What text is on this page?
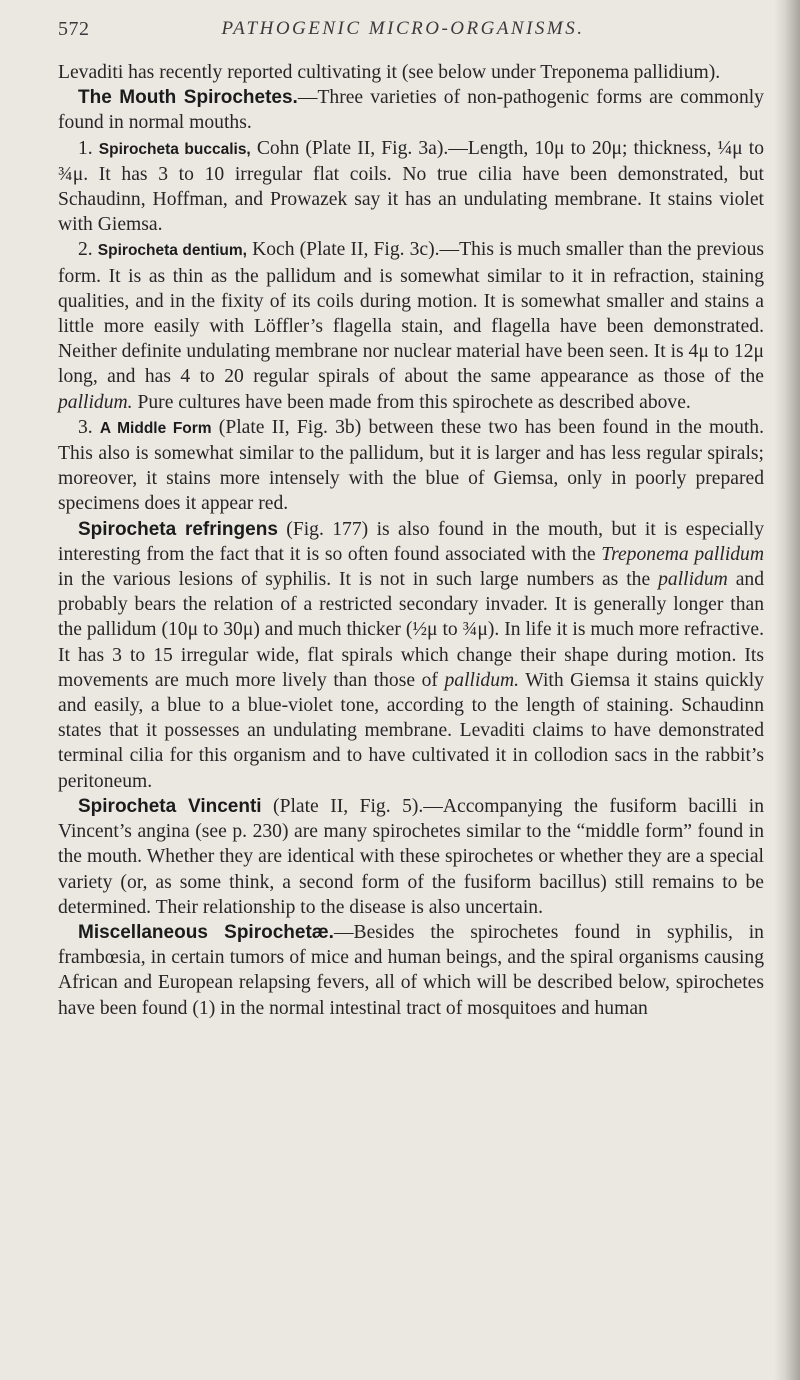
572	PATHOGENIC MICRO-ORGANISMS.

Levaditi has recently reported cultivating it (see below under Treponema pallidium).

The Mouth Spirochetes.—Three varieties of non-pathogenic forms are commonly found in normal mouths.

1. Spirocheta buccalis, Cohn (Plate II, Fig. 3a).—Length, 10μ to 20μ; thickness, ¼μ to ¾μ. It has 3 to 10 irregular flat coils. No true cilia have been demonstrated, but Schaudinn, Hoffman, and Prowazek say it has an undulating membrane. It stains violet with Giemsa.

2. Spirocheta dentium, Koch (Plate II, Fig. 3c).—This is much smaller than the previous form. It is as thin as the pallidum and is somewhat similar to it in refraction, staining qualities, and in the fixity of its coils during motion. It is somewhat smaller and stains a little more easily with Löffler’s flagella stain, and flagella have been demonstrated. Neither definite undulating membrane nor nuclear material have been seen. It is 4μ to 12μ long, and has 4 to 20 regular spirals of about the same appearance as those of the pallidum. Pure cultures have been made from this spirochete as described above.

3. A Middle Form (Plate II, Fig. 3b) between these two has been found in the mouth. This also is somewhat similar to the pallidum, but it is larger and has less regular spirals; moreover, it stains more intensely with the blue of Giemsa, only in poorly prepared specimens does it appear red.

Spirocheta refringens (Fig. 177) is also found in the mouth, but it is especially interesting from the fact that it is so often found associated with the Treponema pallidum in the various lesions of syphilis. It is not in such large numbers as the pallidum and probably bears the relation of a restricted secondary invader. It is generally longer than the pallidum (10μ to 30μ) and much thicker (½μ to ¾μ). In life it is much more refractive. It has 3 to 15 irregular wide, flat spirals which change their shape during motion. Its movements are much more lively than those of pallidum. With Giemsa it stains quickly and easily, a blue to a blue-violet tone, according to the length of staining. Schaudinn states that it possesses an undulating membrane. Levaditi claims to have demonstrated terminal cilia for this organism and to have cultivated it in collodion sacs in the rabbit’s peritoneum.

Spirocheta Vincenti (Plate II, Fig. 5).—Accompanying the fusiform bacilli in Vincent’s angina (see p. 230) are many spirochetes similar to the “middle form” found in the mouth. Whether they are identical with these spirochetes or whether they are a special variety (or, as some think, a second form of the fusiform bacillus) still remains to be determined. Their relationship to the disease is also uncertain.

Miscellaneous Spirochetæ.—Besides the spirochetes found in syphilis, in frambœsia, in certain tumors of mice and human beings, and the spiral organisms causing African and European relapsing fevers, all of which will be described below, spirochetes have been found (1) in the normal intestinal tract of mosquitoes and human
